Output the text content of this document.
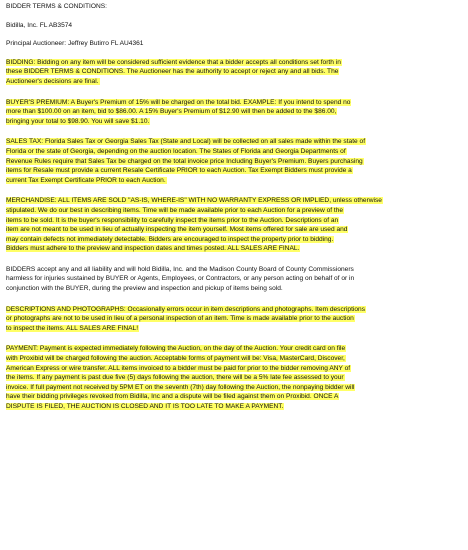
BIDDER TERMS & CONDITIONS:

Bidilla, Inc. FL AB3574

Principal Auctioneer: Jeffrey Butirro FL AU4361

BIDDING: Bidding on any item will be considered sufficient evidence that a bidder accepts all conditions set forth in

these BIDDER TERMS & CONDITIONS. The Auctioneer has the authority to accept or reject any and all bids. The

Auctioneer's decisions are final.

BUYER'S PREMIUM: A Buyer's Premium of 15% will be charged on the total bid. EXAMPLE: If you intend to spend no

more than $100.00 on an item, bid to $86.00. A 15% Buyer's Premium of $12.90 will then be added to the $86.00,

bringing your total to $98.90. You will save $1.10.

SALES TAX: Florida Sales Tax or Georgia Sales Tax (State and Local) will be collected on all sales made within the state of

Florida or the state of Georgia, depending on the auction location. The States of Florida and Georgia Departments of

Revenue Rules require that Sales Tax be charged on the total invoice price Including Buyer's Premium. Buyers purchasing

items for Resale must provide a current Resale Certificate PRIOR to each Auction. Tax Exempt Bidders must provide a

current Tax Exempt Certificate PRIOR to each Auction.

MERCHANDISE: ALL ITEMS ARE SOLD "AS-IS, WHERE-IS" WITH NO WARRANTY EXPRESS OR IMPLIED, unless otherwise

stipulated. We do our best in describing items. Time will be made available prior to each Auction for a preview of the

items to be sold. It is the buyer's responsibility to carefully inspect the items prior to the Auction. Descriptions of an

item are not meant to be used in lieu of actually inspecting the item yourself. Most items offered for sale are used and

may contain defects not immediately detectable. Bidders are encouraged to inspect the property prior to bidding.

Bidders must adhere to the preview and inspection dates and times posted. ALL SALES ARE FINAL.

BIDDERS accept any and all liability and will hold Bidilla, Inc. and the Madison County Board of County Commissioners

harmless for injuries sustained by BUYER or Agents, Employees, or Contractors, or any person acting on behalf of or in

conjunction with the BUYER, during the preview and inspection and pickup of items being sold.

DESCRIPTIONS AND PHOTOGRAPHS: Occasionally errors occur in item descriptions and photographs. Item descriptions

or photographs are not to be used in lieu of a personal inspection of an item. Time is made available prior to the auction

to inspect the items. ALL SALES ARE FINAL!

PAYMENT: Payment is expected immediately following the Auction, on the day of the Auction. Your credit card on file

with Proxibid will be charged following the auction. Acceptable forms of payment will be: Visa, MasterCard, Discover,

American Express or wire transfer. ALL items invoiced to a bidder must be paid for prior to the bidder removing ANY of

the items. If any payment is past due five (5) days following the auction, there will be a 5% late fee assessed to your

invoice. If full payment not received by 5PM ET on the seventh (7th) day following the Auction, the nonpaying bidder will

have their bidding privileges revoked from Bidilla, Inc and a dispute will be filed against them on Proxibid. ONCE A

DISPUTE IS FILED, THE AUCTION IS CLOSED AND IT IS TOO LATE TO MAKE A PAYMENT.
